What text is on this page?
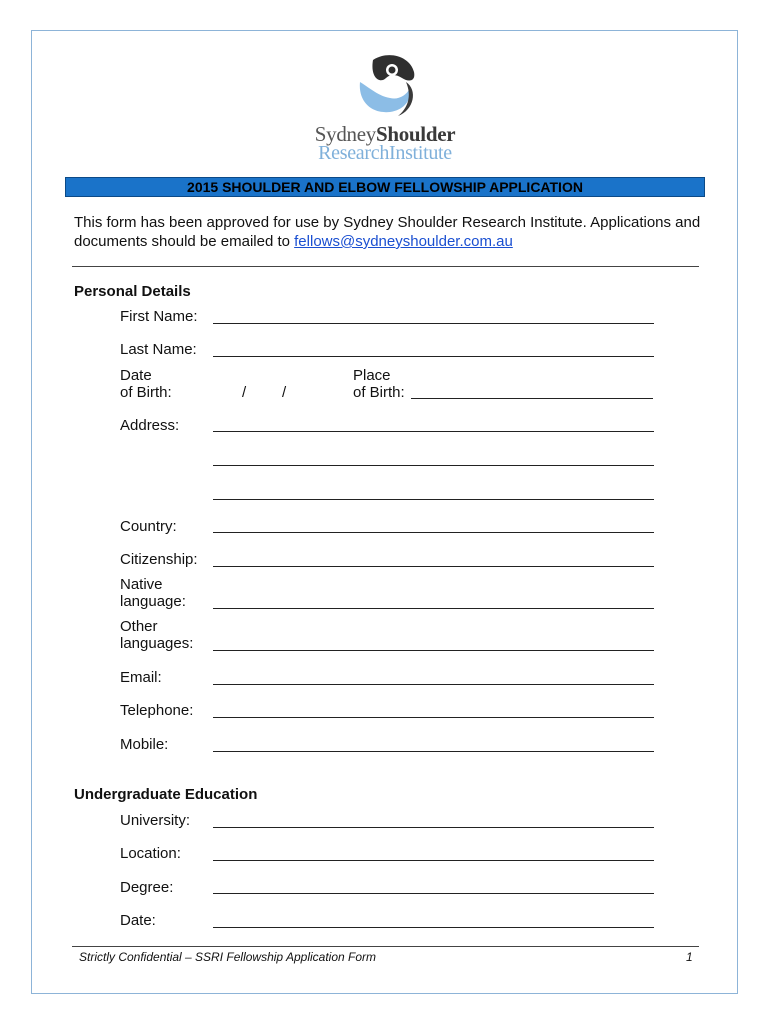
SydneyShoulder
ResearchInstitute
2015 SHOULDER AND ELBOW FELLOWSHIP APPLICATION
This form has been approved for use by Sydney Shoulder Research Institute. Applications and documents should be emailed to fellows@sydneyshoulder.com.au
Personal Details
First Name:
Last Name:
Date
of Birth:	/ /
Place
of Birth:
Address:
Country:
Citizenship:
Native
language:
Other
languages:
Email:
Telephone:
Mobile:
Undergraduate Education
University:
Location:
Degree:
Date:
Strictly Confidential – SSRI Fellowship Application Form	1
